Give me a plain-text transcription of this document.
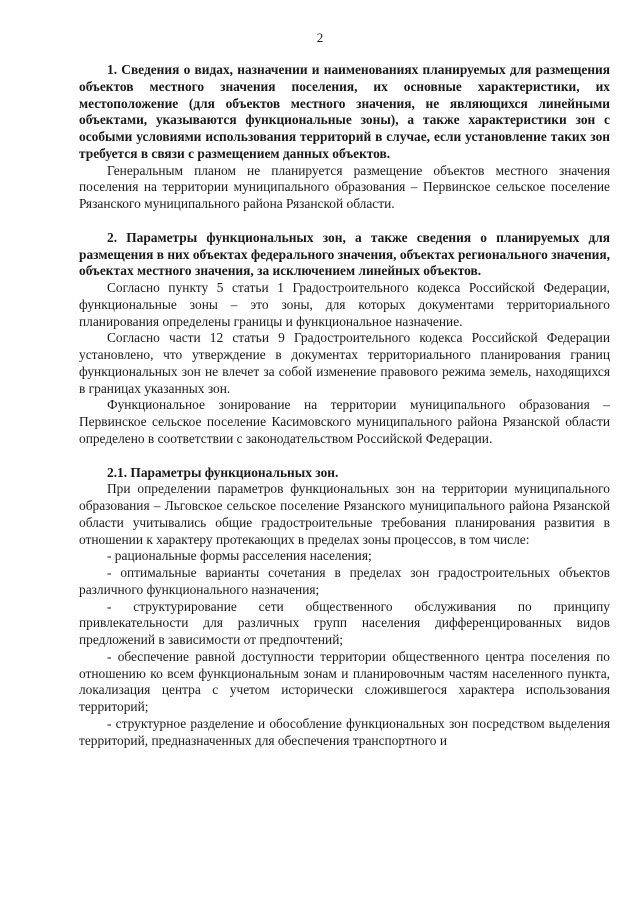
2

1. Сведения о видах, назначении и наименованиях планируемых для размещения объектов местного значения поселения, их основные характеристики, их местоположение (для объектов местного значения, не являющихся линейными объектами, указываются функциональные зоны), а также характеристики зон с особыми условиями использования территорий в случае, если установление таких зон требуется в связи с размещением данных объектов.

Генеральным планом не планируется размещение объектов местного значения поселения на территории муниципального образования – Первинское сельское поселение Рязанского муниципального района Рязанской области.

2. Параметры функциональных зон, а также сведения о планируемых для размещения в них объектах федерального значения, объектах регионального значения, объектах местного значения, за исключением линейных объектов.

Согласно пункту 5 статьи 1 Градостроительного кодекса Российской Федерации, функциональные зоны – это зоны, для которых документами территориального планирования определены границы и функциональное назначение.

Согласно части 12 статьи 9 Градостроительного кодекса Российской Федерации установлено, что утверждение в документах территориального планирования границ функциональных зон не влечет за собой изменение правового режима земель, находящихся в границах указанных зон.

Функциональное зонирование на территории муниципального образования – Первинское сельское поселение Касимовского муниципального района Рязанской области определено в соответствии с законодательством Российской Федерации.

2.1. Параметры функциональных зон.

При определении параметров функциональных зон на территории муниципального образования – Льговское сельское поселение Рязанского муниципального района Рязанской области учитывались общие градостроительные требования планирования развития в отношении к характеру протекающих в пределах зоны процессов, в том числе:

- рациональные формы расселения населения;

- оптимальные варианты сочетания в пределах зон градостроительных объектов различного функционального назначения;

- структурирование сети общественного обслуживания по принципу привлекательности для различных групп населения дифференцированных видов предложений в зависимости от предпочтений;

- обеспечение равной доступности территории общественного центра поселения по отношению ко всем функциональным зонам и планировочным частям населенного пункта, локализация центра с учетом исторически сложившегося характера использования территорий;

- структурное разделение и обособление функциональных зон посредством выделения территорий, предназначенных для обеспечения транспортного и
